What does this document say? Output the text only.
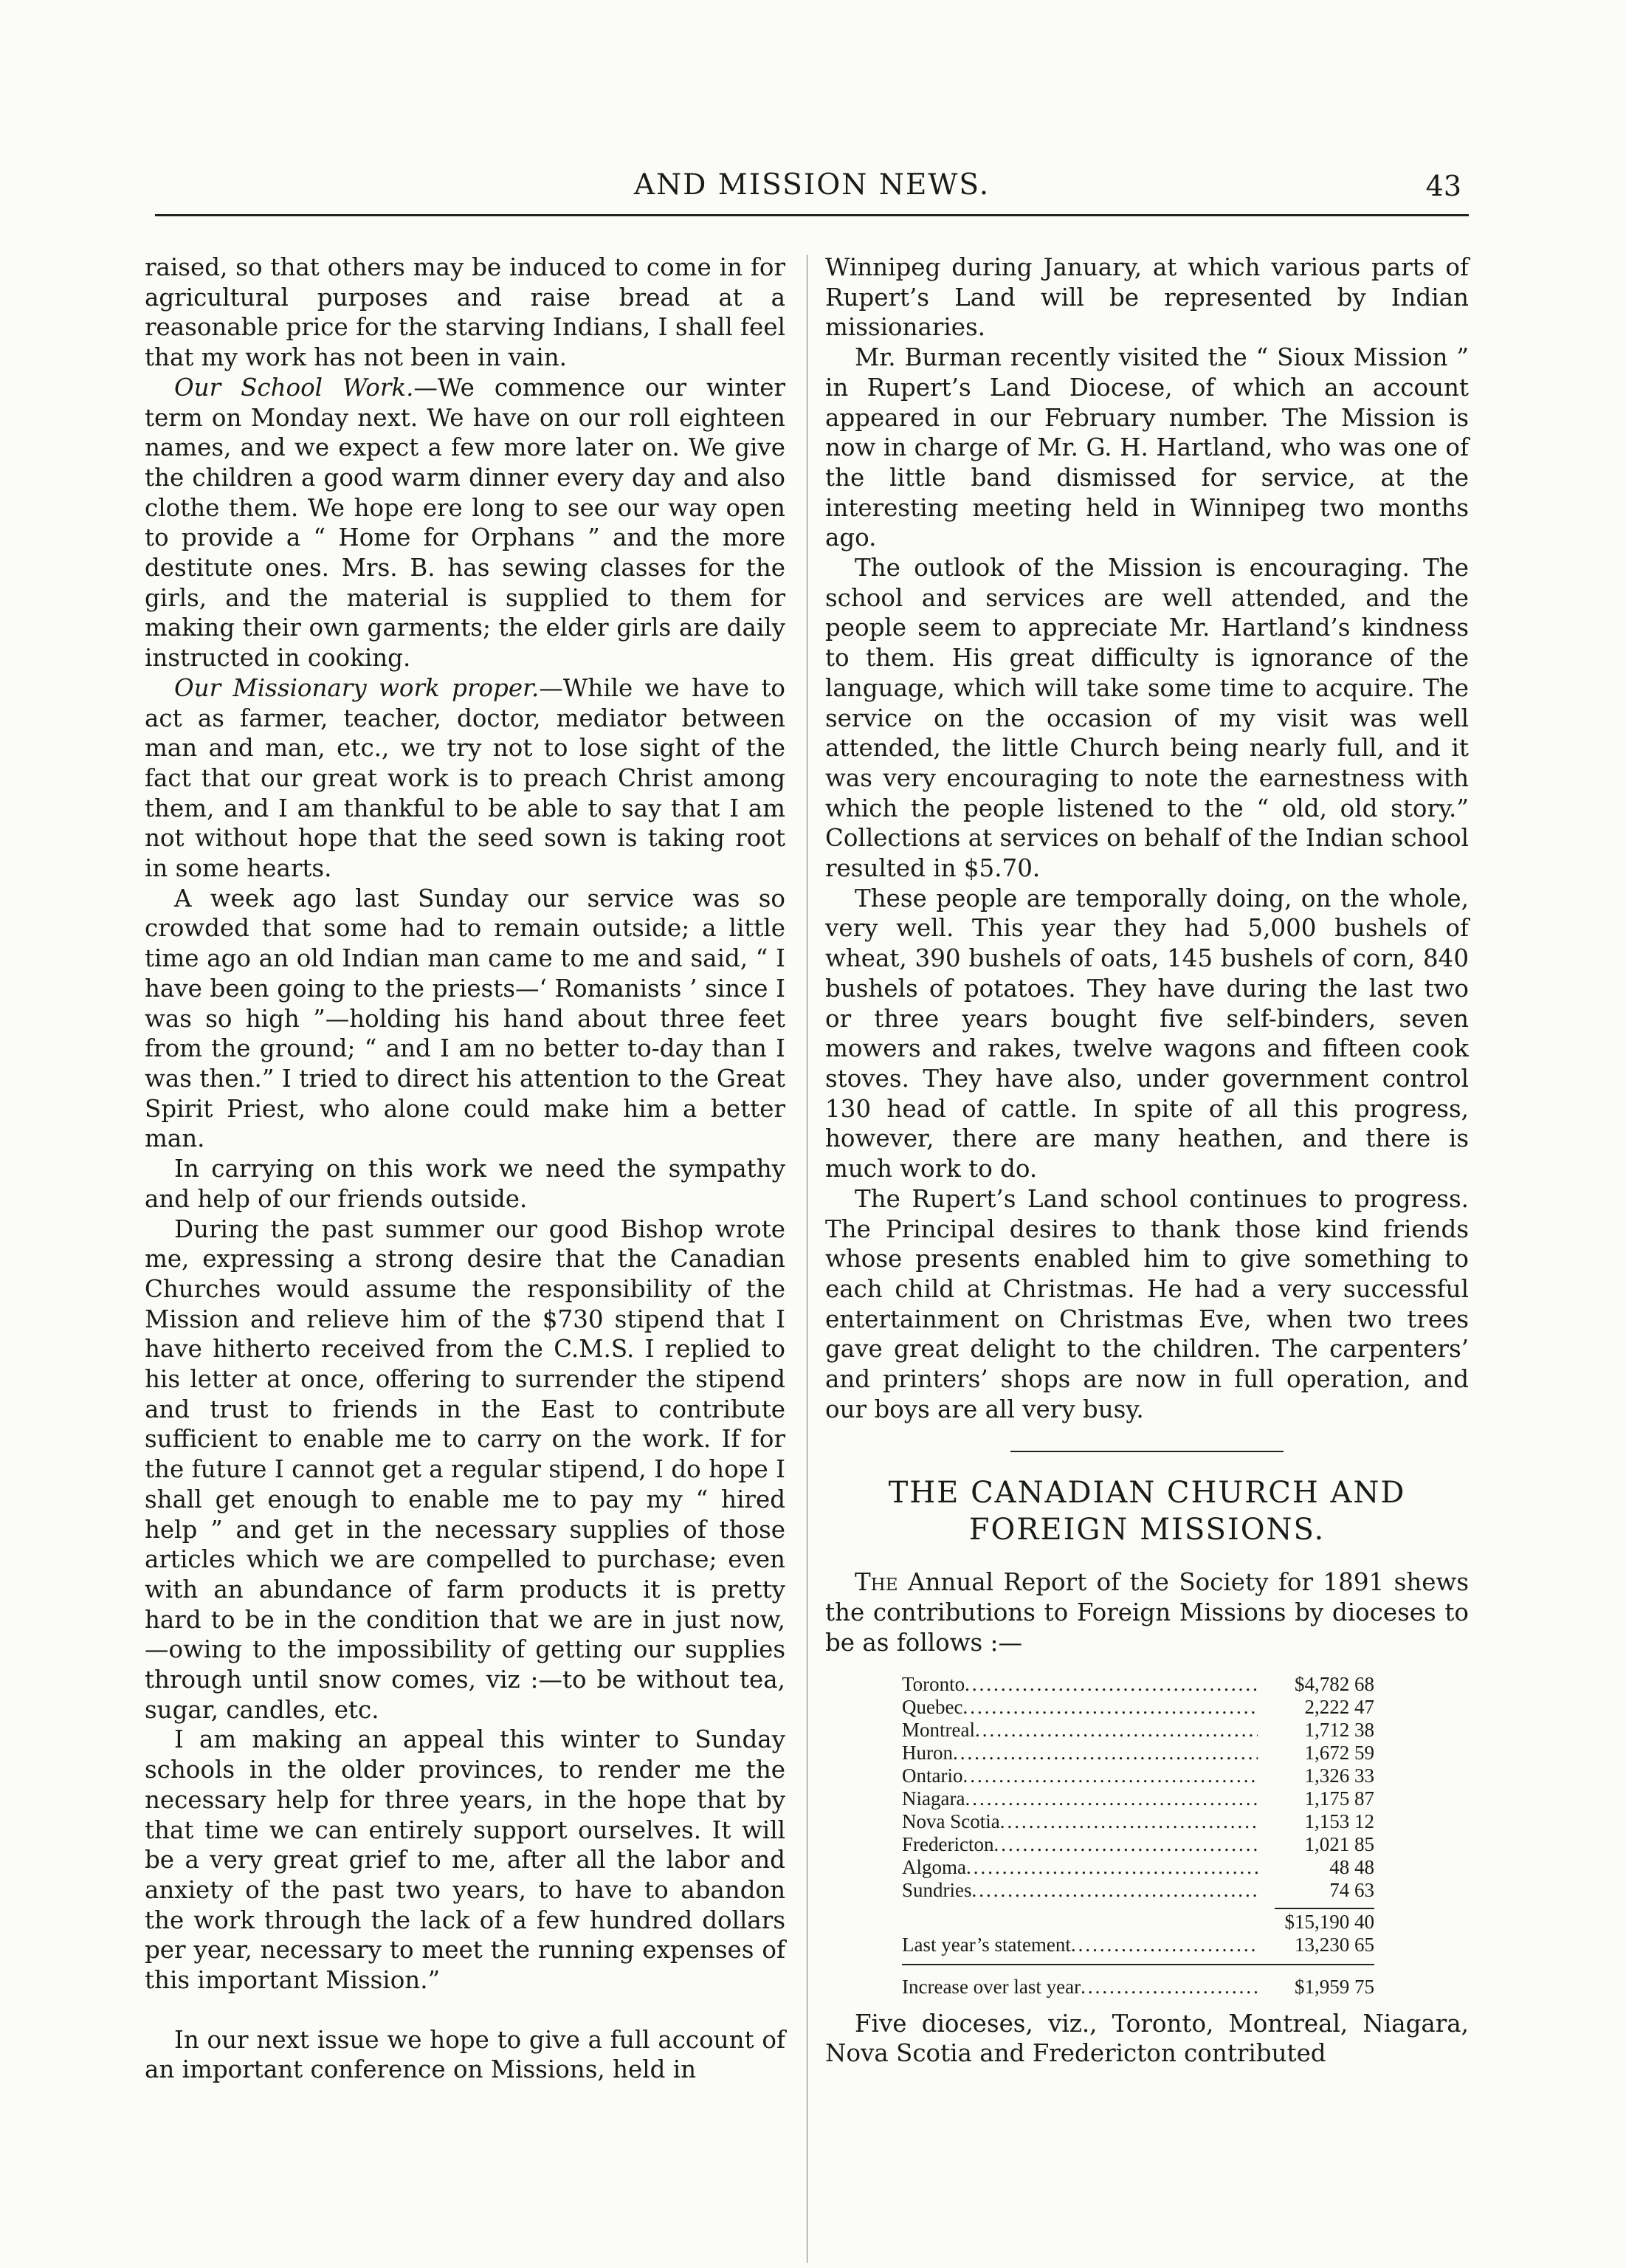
AND MISSION NEWS.	43

raised, so that others may be induced to come in for agricultural purposes and raise bread at a reasonable price for the starving Indians, I shall feel that my work has not been in vain.

Our School Work.—We commence our winter term on Monday next. We have on our roll eighteen names, and we expect a few more later on. We give the children a good warm dinner every day and also clothe them. We hope ere long to see our way open to provide a “ Home for Orphans ” and the more destitute ones. Mrs. B. has sewing classes for the girls, and the material is supplied to them for making their own garments; the elder girls are daily instructed in cooking.

Our Missionary work proper.—While we have to act as farmer, teacher, doctor, mediator between man and man, etc., we try not to lose sight of the fact that our great work is to preach Christ among them, and I am thankful to be able to say that I am not without hope that the seed sown is taking root in some hearts.

A week ago last Sunday our service was so crowded that some had to remain outside; a little time ago an old Indian man came to me and said, “ I have been going to the priests—‘ Romanists ’ since I was so high ”—holding his hand about three feet from the ground; “ and I am no better to-day than I was then.” I tried to direct his attention to the Great Spirit Priest, who alone could make him a better man.

In carrying on this work we need the sympathy and help of our friends outside.

During the past summer our good Bishop wrote me, expressing a strong desire that the Canadian Churches would assume the responsibility of the Mission and relieve him of the $730 stipend that I have hitherto received from the C.M.S. I replied to his letter at once, offering to surrender the stipend and trust to friends in the East to contribute sufficient to enable me to carry on the work. If for the future I cannot get a regular stipend, I do hope I shall get enough to enable me to pay my “ hired help ” and get in the necessary supplies of those articles which we are compelled to purchase; even with an abundance of farm products it is pretty hard to be in the condition that we are in just now,—owing to the impossibility of getting our supplies through until snow comes, viz :—to be without tea, sugar, candles, etc.

I am making an appeal this winter to Sunday schools in the older provinces, to render me the necessary help for three years, in the hope that by that time we can entirely support ourselves. It will be a very great grief to me, after all the labor and anxiety of the past two years, to have to abandon the work through the lack of a few hundred dollars per year, necessary to meet the running expenses of this important Mission.”

In our next issue we hope to give a full account of an important conference on Missions, held in

Winnipeg during January, at which various parts of Rupert’s Land will be represented by Indian missionaries.

Mr. Burman recently visited the “ Sioux Mission ” in Rupert’s Land Diocese, of which an account appeared in our February number. The Mission is now in charge of Mr. G. H. Hartland, who was one of the little band dismissed for service, at the interesting meeting held in Winnipeg two months ago.

The outlook of the Mission is encouraging. The school and services are well attended, and the people seem to appreciate Mr. Hartland’s kindness to them. His great difficulty is ignorance of the language, which will take some time to acquire. The service on the occasion of my visit was well attended, the little Church being nearly full, and it was very encouraging to note the earnestness with which the people listened to the “ old, old story.” Collections at services on behalf of the Indian school resulted in $5.70.

These people are temporally doing, on the whole, very well. This year they had 5,000 bushels of wheat, 390 bushels of oats, 145 bushels of corn, 840 bushels of potatoes. They have during the last two or three years bought five self-binders, seven mowers and rakes, twelve wagons and fifteen cook stoves. They have also, under government control 130 head of cattle. In spite of all this progress, however, there are many heathen, and there is much work to do.

The Rupert’s Land school continues to progress. The Principal desires to thank those kind friends whose presents enabled him to give something to each child at Christmas. He had a very successful entertainment on Christmas Eve, when two trees gave great delight to the children. The carpenters’ and printers’ shops are now in full operation, and our boys are all very busy.

THE CANADIAN CHURCH AND
FOREIGN MISSIONS.

The Annual Report of the Society for 1891 shews the contributions to Foreign Missions by dioceses to be as follows :—

Toronto .....	$4,782 68
Quebec .....	2,222 47
Montreal .....	1,712 38
Huron .....	1,672 59
Ontario .....	1,326 33
Niagara .....	1,175 87
Nova Scotia .....	1,153 12
Fredericton .....	1,021 85
Algoma .....	48 48
Sundries .....	74 63
$15,190 40
Last year’s statement .....	13,230 65
Increase over last year .....	$1,959 75

Five dioceses, viz., Toronto, Montreal, Niagara, Nova Scotia and Fredericton contributed
